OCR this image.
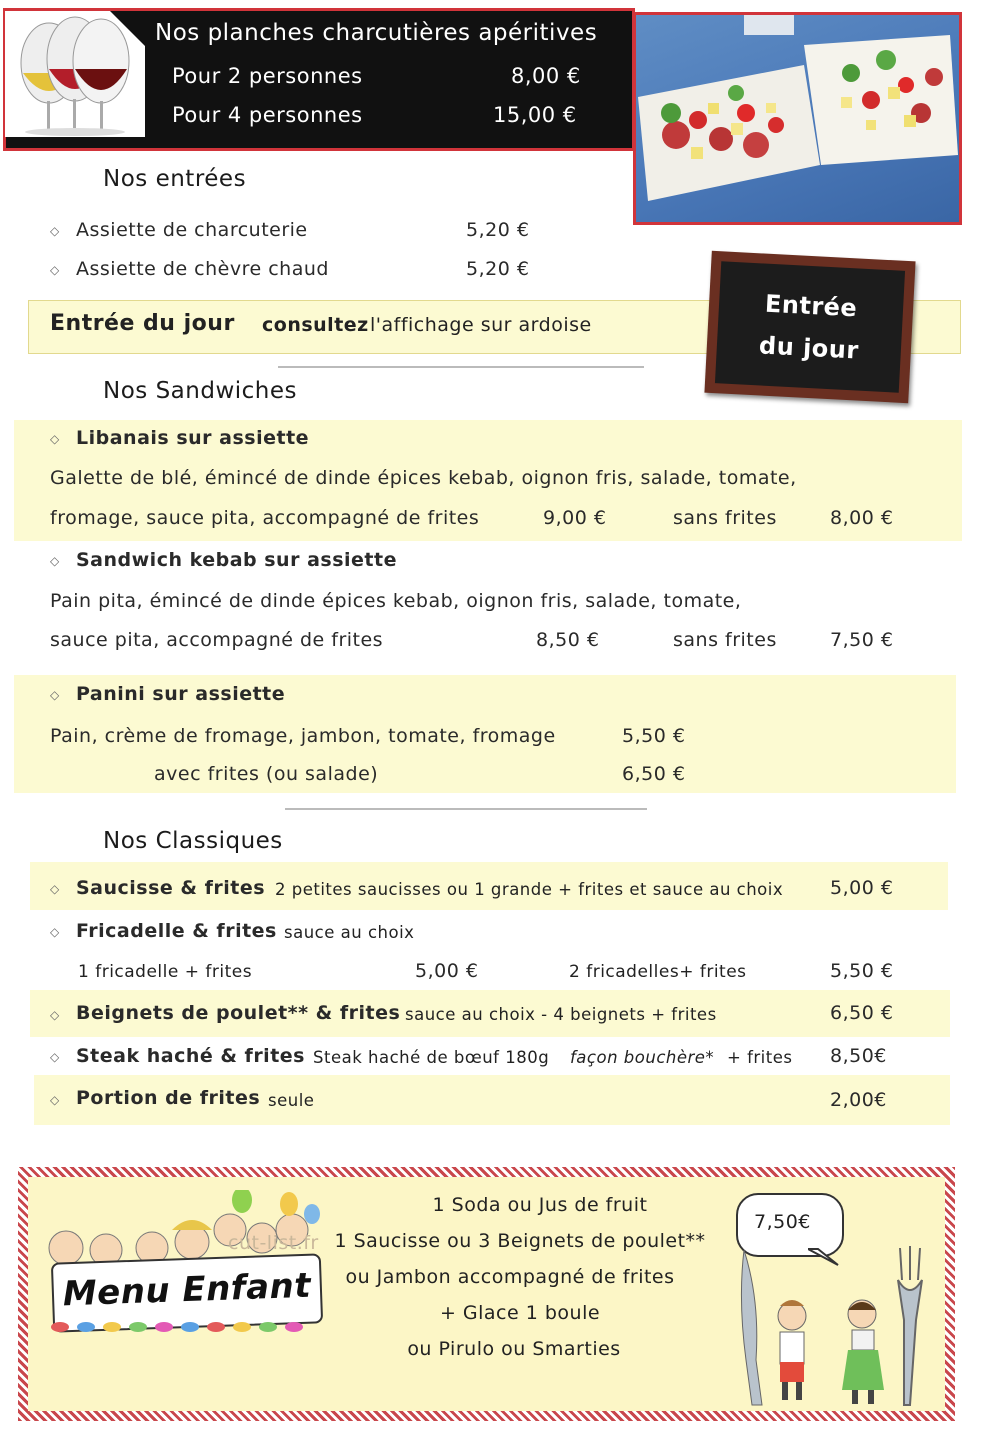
Nos planches charcutières apéritives
Pour 2 personnes	8,00 €
Pour 4 personnes	15,00 €
Nos entrées
◇ Assiette de charcuterie	5,20 €
◇ Assiette de chèvre chaud	5,20 €
Entrée du jour consultez l'affichage sur ardoise
Entrée
du jour
Nos Sandwiches
◇ Libanais sur assiette
Galette de blé, émincé de dinde épices kebab, oignon fris, salade, tomate,
fromage, sauce pita, accompagné de frites	9,00 €	sans frites	8,00 €
◇ Sandwich kebab sur assiette
Pain pita, émincé de dinde épices kebab, oignon fris, salade, tomate,
sauce pita, accompagné de frites	8,50 €	sans frites	7,50 €
◇ Panini sur assiette
Pain, crème de fromage, jambon, tomate, fromage	5,50 €
avec frites (ou salade)	6,50 €
Nos Classiques
◇ Saucisse & frites 2 petites saucisses ou 1 grande + frites et sauce au choix 5,00 €
◇ Fricadelle & frites sauce au choix
1 fricadelle + frites	5,00 €	2 fricadelles+ frites	5,50 €
◇ Beignets de poulet** & frites sauce au choix - 4 beignets + frites	6,50 €
◇ Steak haché & frites Steak haché de bœuf 180g façon bouchère* + frites 8,50€
◇ Portion de frites seule	2,00€
Menu Enfant
cut-list.fr
1 Soda ou Jus de fruit
1 Saucisse ou 3 Beignets de poulet**
ou Jambon accompagné de frites
+ Glace 1 boule
ou Pirulo ou Smarties
7,50€
